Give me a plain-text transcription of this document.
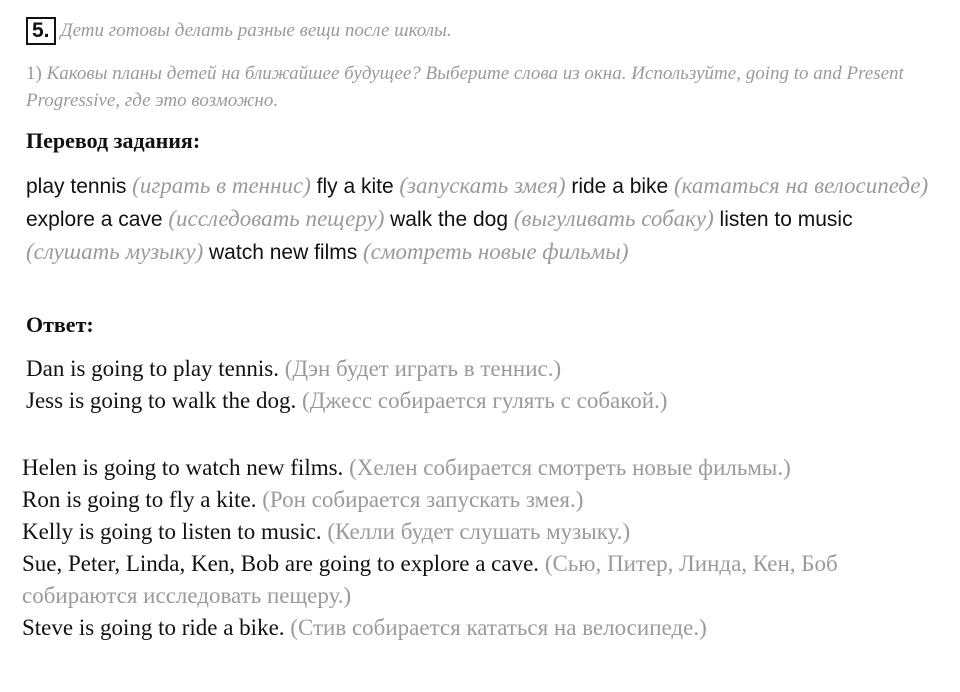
5. Дети готовы делать разные вещи после школы.
1) Каковы планы детей на ближайшее будущее? Выберите слова из окна. Используйте, going to and Present Progressive, где это возможно.
Перевод задания:
play tennis (играть в теннис) fly a kite (запускать змея) ride a bike (кататься на велосипеде) explore a cave (исследовать пещеру) walk the dog (выгуливать собаку) listen to music (слушать музыку) watch new films (смотреть новые фильмы)
Ответ:
Dan is going to play tennis. (Дэн будет играть в теннис.)
Jess is going to walk the dog. (Джесс собирается гулять с собакой.)
Helen is going to watch new films. (Хелен собирается смотреть новые фильмы.)
Ron is going to fly a kite. (Рон собирается запускать змея.)
Kelly is going to listen to music. (Келли будет слушать музыку.)
Sue, Peter, Linda, Ken, Bob are going to explore a cave. (Сью, Питер, Линда, Кен, Боб собираются исследовать пещеру.)
Steve is going to ride a bike. (Стив собирается кататься на велосипеде.)
